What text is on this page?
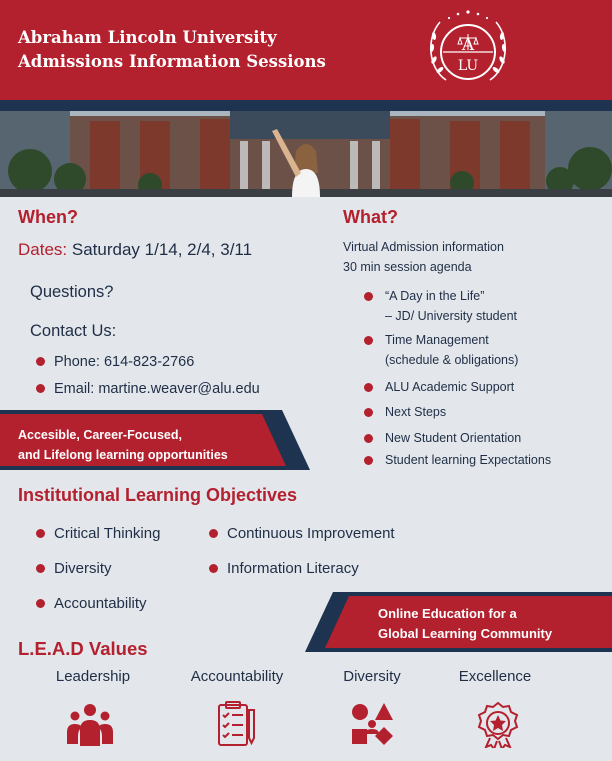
Abraham Lincoln University
Admissions Information Sessions
A
LU
When?
Dates: Saturday 1/14, 2/4, 3/11
Questions?
Contact Us:
Phone: 614-823-2766
Email: martine.weaver@alu.edu
What?
Virtual Admission information
30 min session agenda
“A Day in the Life”
– JD/ University student
Time Management
(schedule & obligations)
ALU Academic Support
Next Steps
New Student Orientation
Student learning Expectations
Accesible, Career-Focused,
and Lifelong learning opportunities
Institutional Learning Objectives
Critical Thinking
Diversity
Accountability
Continuous Improvement
Information Literacy
Online Education for a
Global Learning Community
L.E.A.D Values
Leadership	Accountability	Diversity	Excellence
